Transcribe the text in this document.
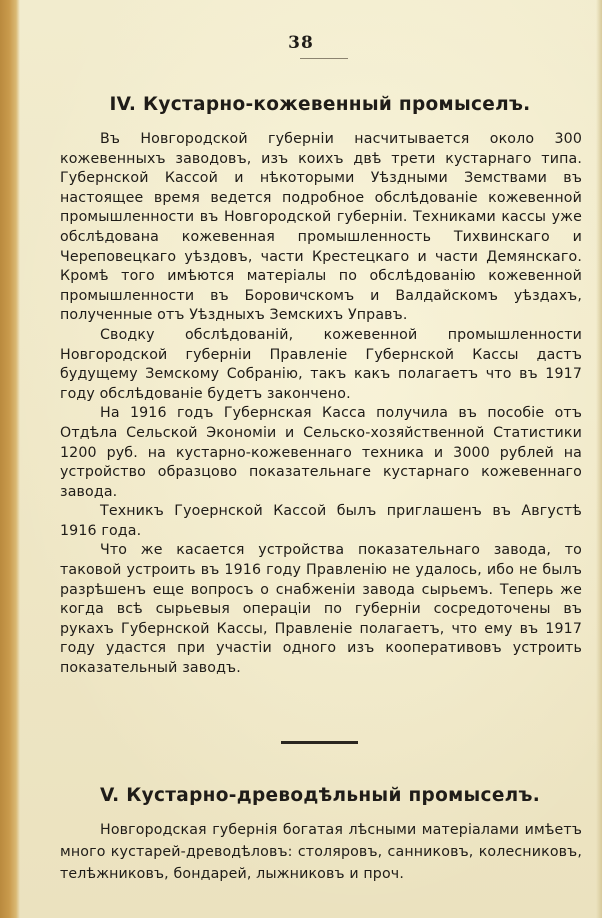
38
IV. Кустарно-кожевенный промыселъ.

Въ Новгородской губерніи насчитывается около 300 кожевенныхъ заводовъ, изъ коихъ двѣ трети кустарнаго типа. Губернской Кассой и нѣкоторыми Уѣздными Земствами въ настоящее время ведется подробное обслѣдованіе кожевенной промышленности въ Новгородской губерніи. Техниками кассы уже обслѣдована кожевенная промышленность Тихвинскаго и Череповецкаго уѣздовъ, части Крестецкаго и части Демянскаго. Кромѣ того имѣются матеріалы по обслѣдованію кожевенной промышленности въ Боровичскомъ и Валдайскомъ уѣздахъ, полученные отъ Уѣздныхъ Земскихъ Управъ.

Сводку обслѣдованій, кожевенной промышленности Новгородской губерніи Правленіе Губернской Кассы дастъ будущему Земскому Собранію, такъ какъ полагаетъ что въ 1917 году обслѣдованіе будетъ закончено.

На 1916 годъ Губернская Касса получила въ пособіе отъ Отдѣла Сельской Экономіи и Сельско-хозяйственной Статистики 1200 руб. на кустарно-кожевеннаго техника и 3000 рублей на устройство образцово показательнаге кустарнаго кожевеннаго завода.

Техникъ Гуоернской Кассой былъ приглашенъ въ Августѣ 1916 года.

Что же касается устройства показательнаго завода, то таковой устроить въ 1916 году Правленію не удалось, ибо не былъ разрѣшенъ еще вопросъ о снабженіи завода сырьемъ. Теперь же когда всѣ сырьевыя операціи по губерніи сосредоточены въ рукахъ Губернской Кассы, Правленіе полагаетъ, что ему въ 1917 году удастся при участіи одного изъ кооперативовъ устроить показательный заводъ.

V. Кустарно-древодѣльный промыселъ.

Новгородская губернія богатая лѣсными матеріалами имѣетъ много кустарей-древодѣловъ: столяровъ, санниковъ, колесниковъ, телѣжниковъ, бондарей, лыжниковъ и проч.
